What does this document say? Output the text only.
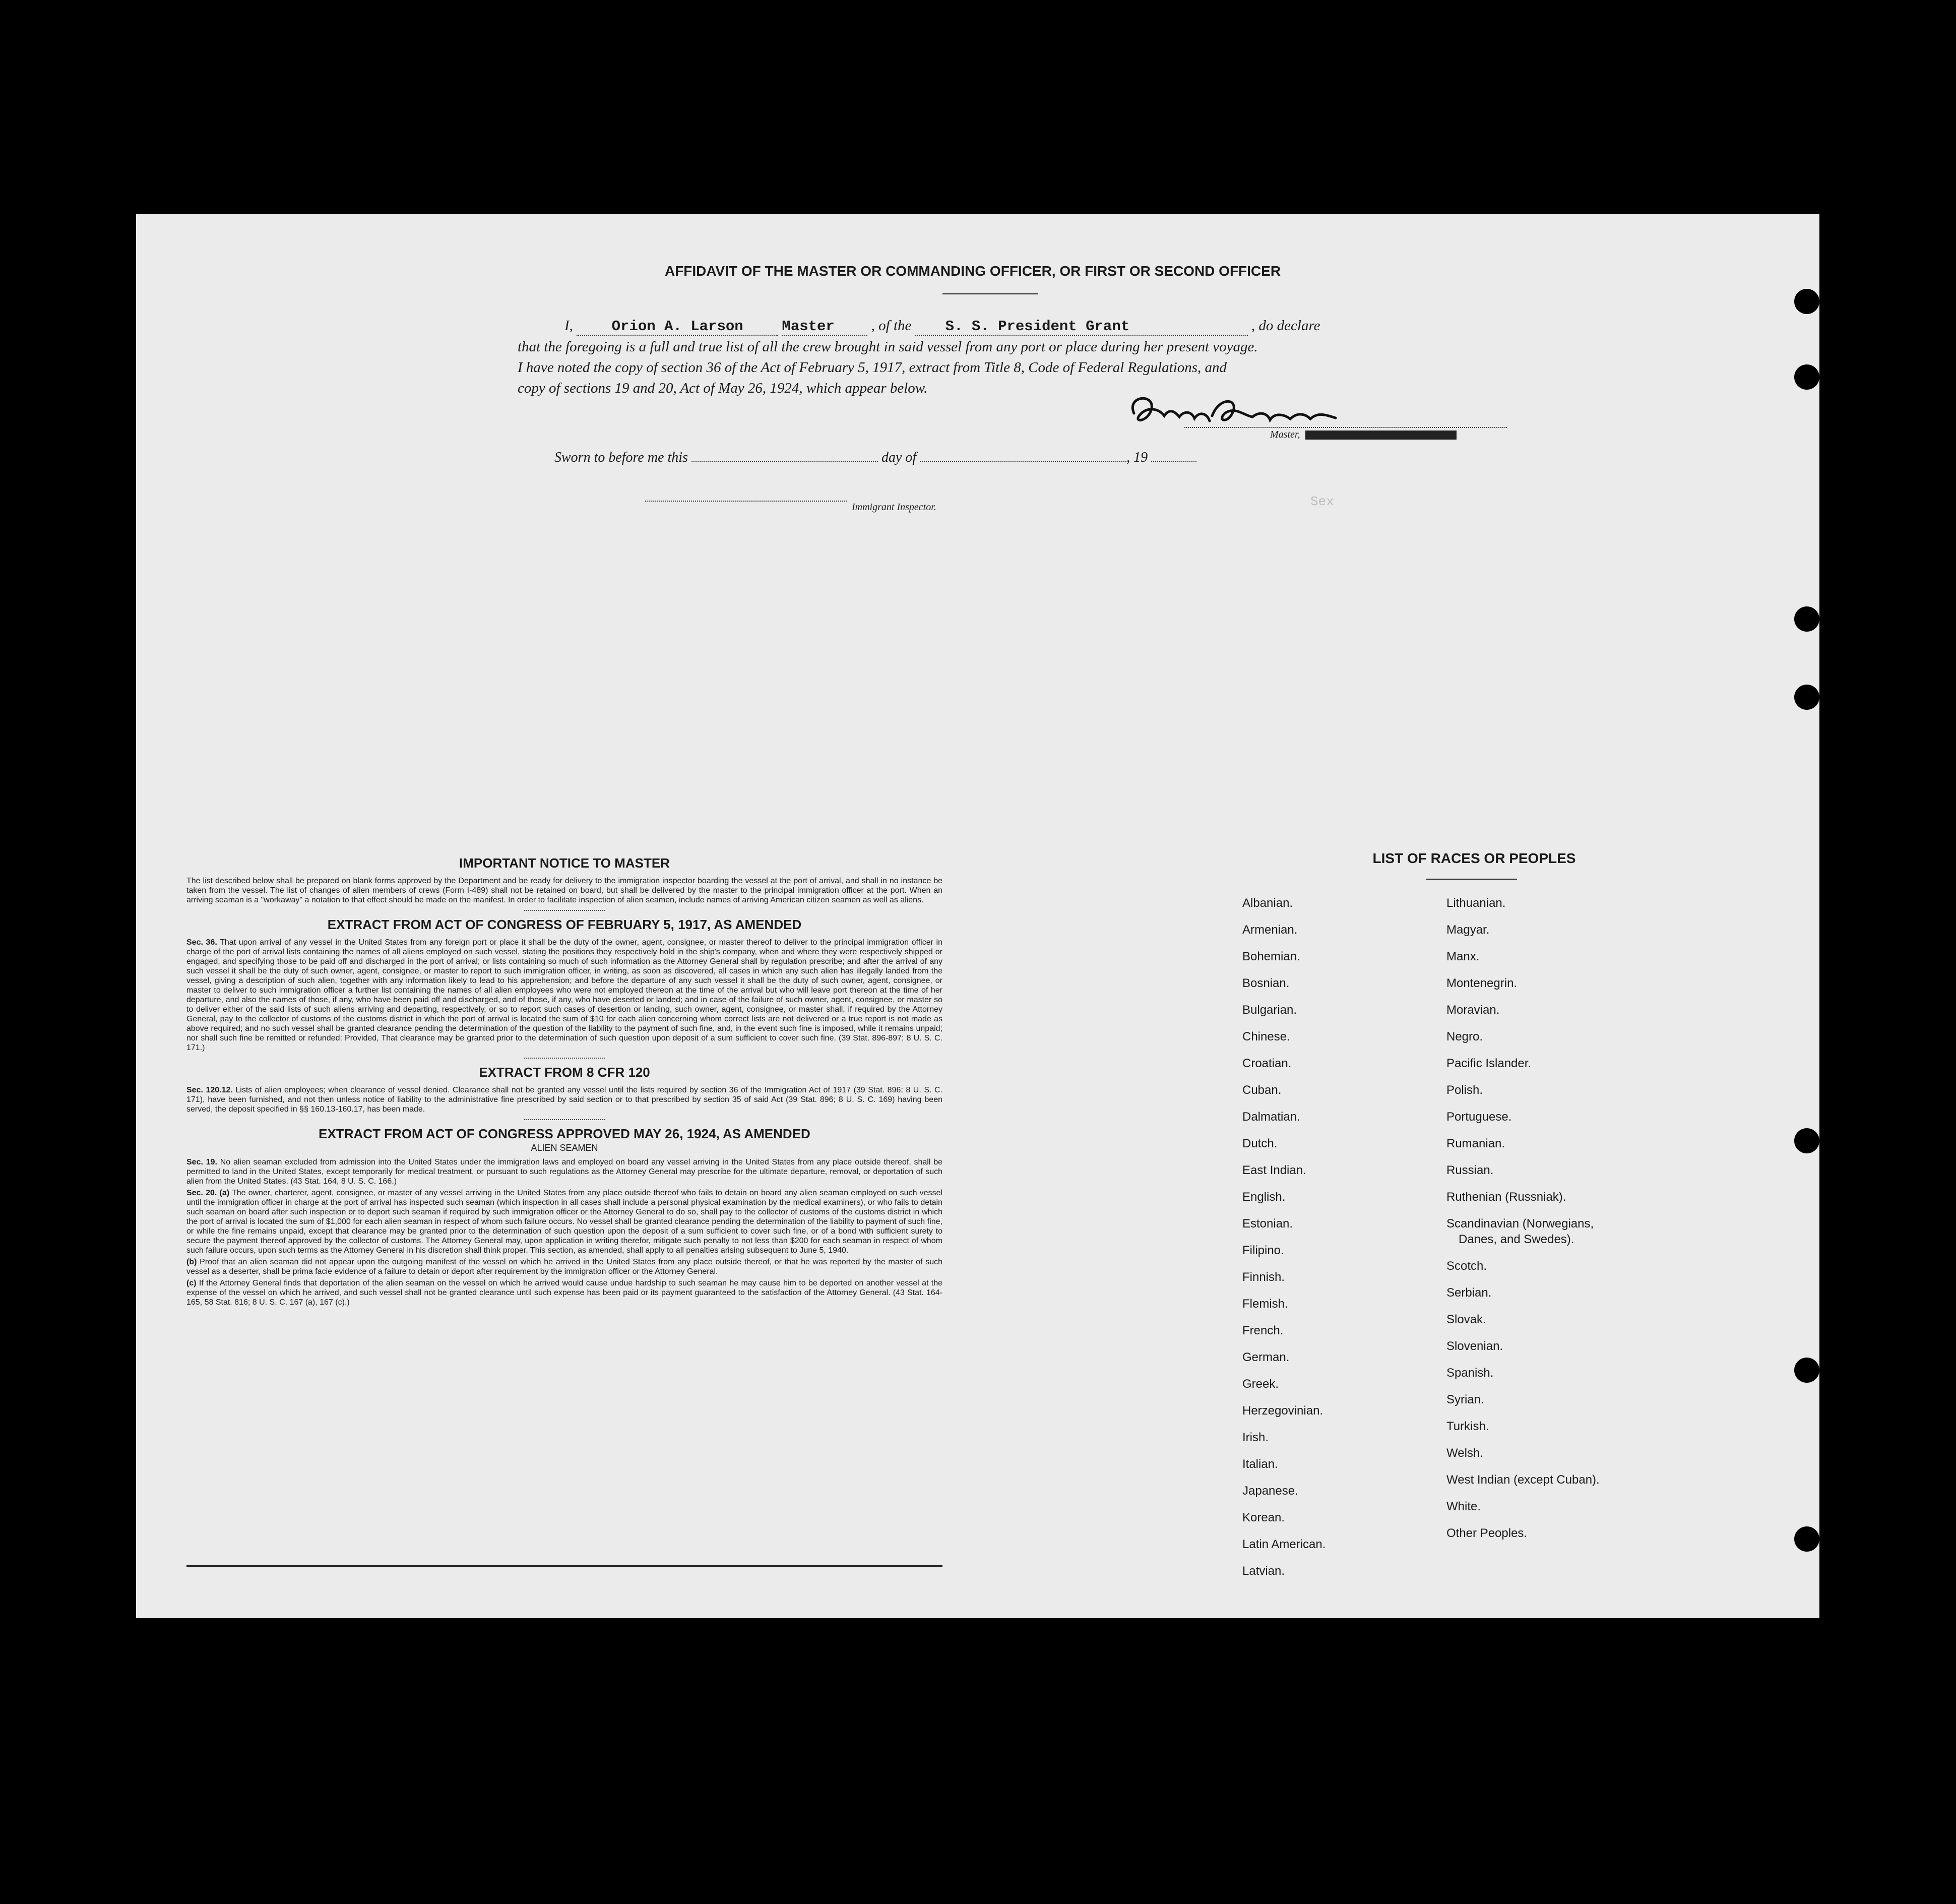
Sex
AFFIDAVIT OF THE MASTER OR COMMANDING OFFICER, OR FIRST OR SECOND OFFICER
I,	Orion A. Larson	Master	, of the S. S. President Grant	, do declare
that the foregoing is a full and true list of all the crew brought in said vessel from any port or place during her present voyage.
I have noted the copy of section 36 of the Act of February 5, 1917, extract from Title 8, Code of Federal Regulations, and
copy of sections 19 and 20, Act of May 26, 1924, which appear below.
Master,
Sworn to before me this	day of	, 19
Immigrant Inspector.
IMPORTANT NOTICE TO MASTER

The list described below shall be prepared on blank forms approved by the Department and be ready for delivery to the immigration inspector boarding the vessel at the port of arrival, and shall in no instance be taken from the vessel. The list of changes of alien members of crews (Form I-489) shall not be retained on board, but shall be delivered by the master to the principal immigration officer at the port. When an arriving seaman is a "workaway" a notation to that effect should be made on the manifest. In order to facilitate inspection of alien seamen, include names of arriving American citizen seamen as well as aliens.

EXTRACT FROM ACT OF CONGRESS OF FEBRUARY 5, 1917, AS AMENDED

Sec. 36. That upon arrival of any vessel in the United States from any foreign port or place it shall be the duty of the owner, agent, consignee, or master thereof to deliver to the principal immigration officer in charge of the port of arrival lists containing the names of all aliens employed on such vessel, stating the positions they respectively hold in the ship's company, when and where they were respectively shipped or engaged, and specifying those to be paid off and discharged in the port of arrival; or lists containing so much of such information as the Attorney General shall by regulation prescribe; and after the arrival of any such vessel it shall be the duty of such owner, agent, consignee, or master to report to such immigration officer, in writing, as soon as discovered, all cases in which any such alien has illegally landed from the vessel, giving a description of such alien, together with any information likely to lead to his apprehension; and before the departure of any such vessel it shall be the duty of such owner, agent, consignee, or master to deliver to such immigration officer a further list containing the names of all alien employees who were not employed thereon at the time of the arrival but who will leave port thereon at the time of her departure, and also the names of those, if any, who have been paid off and discharged, and of those, if any, who have deserted or landed; and in case of the failure of such owner, agent, consignee, or master so to deliver either of the said lists of such aliens arriving and departing, respectively, or so to report such cases of desertion or landing, such owner, agent, consignee, or master shall, if required by the Attorney General, pay to the collector of customs of the customs district in which the port of arrival is located the sum of $10 for each alien concerning whom correct lists are not delivered or a true report is not made as above required; and no such vessel shall be granted clearance pending the determination of the question of the liability to the payment of such fine, and, in the event such fine is imposed, while it remains unpaid; nor shall such fine be remitted or refunded: Provided, That clearance may be granted prior to the determination of such question upon deposit of a sum sufficient to cover such fine. (39 Stat. 896-897; 8 U. S. C. 171.)

EXTRACT FROM 8 CFR 120

Sec. 120.12. Lists of alien employees; when clearance of vessel denied. Clearance shall not be granted any vessel until the lists required by section 36 of the Immigration Act of 1917 (39 Stat. 896; 8 U. S. C. 171), have been furnished, and not then unless notice of liability to the administrative fine prescribed by said section or to that prescribed by section 35 of said Act (39 Stat. 896; 8 U. S. C. 169) having been served, the deposit specified in §§ 160.13-160.17, has been made.

EXTRACT FROM ACT OF CONGRESS APPROVED MAY 26, 1924, AS AMENDED
ALIEN SEAMEN

Sec. 19. No alien seaman excluded from admission into the United States under the immigration laws and employed on board any vessel arriving in the United States from any place outside thereof, shall be permitted to land in the United States, except temporarily for medical treatment, or pursuant to such regulations as the Attorney General may prescribe for the ultimate departure, removal, or deportation of such alien from the United States. (43 Stat. 164, 8 U. S. C. 166.)

Sec. 20. (a) The owner, charterer, agent, consignee, or master of any vessel arriving in the United States from any place outside thereof who fails to detain on board any alien seaman employed on such vessel until the immigration officer in charge at the port of arrival has inspected such seaman (which inspection in all cases shall include a personal physical examination by the medical examiners), or who fails to detain such seaman on board after such inspection or to deport such seaman if required by such immigration officer or the Attorney General to do so, shall pay to the collector of customs of the customs district in which the port of arrival is located the sum of $1,000 for each alien seaman in respect of whom such failure occurs. No vessel shall be granted clearance pending the determination of the liability to payment of such fine, or while the fine remains unpaid, except that clearance may be granted prior to the determination of such question upon the deposit of a sum sufficient to cover such fine, or of a bond with sufficient surety to secure the payment thereof approved by the collector of customs. The Attorney General may, upon application in writing therefor, mitigate such penalty to not less than $200 for each seaman in respect of whom such failure occurs, upon such terms as the Attorney General in his discretion shall think proper. This section, as amended, shall apply to all penalties arising subsequent to June 5, 1940.

(b) Proof that an alien seaman did not appear upon the outgoing manifest of the vessel on which he arrived in the United States from any place outside thereof, or that he was reported by the master of such vessel as a deserter, shall be prima facie evidence of a failure to detain or deport after requirement by the immigration officer or the Attorney General.

(c) If the Attorney General finds that deportation of the alien seaman on the vessel on which he arrived would cause undue hardship to such seaman he may cause him to be deported on another vessel at the expense of the vessel on which he arrived, and such vessel shall not be granted clearance until such expense has been paid or its payment guaranteed to the satisfaction of the Attorney General. (43 Stat. 164-165, 58 Stat. 816; 8 U. S. C. 167 (a), 167 (c).)

LIST OF RACES OR PEOPLES
Albanian.
Armenian.
Bohemian.
Bosnian.
Bulgarian.
Chinese.
Croatian.
Cuban.
Dalmatian.
Dutch.
East Indian.
English.
Estonian.
Filipino.
Finnish.
Flemish.
French.
German.
Greek.
Herzegovinian.
Irish.
Italian.
Japanese.
Korean.
Latin American.
Latvian.
Lithuanian.
Magyar.
Manx.
Montenegrin.
Moravian.
Negro.
Pacific Islander.
Polish.
Portuguese.
Rumanian.
Russian.
Ruthenian (Russniak).
Scandinavian (Norwegians,
Danes, and Swedes).
Scotch.
Serbian.
Slovak.
Slovenian.
Spanish.
Syrian.
Turkish.
Welsh.
West Indian (except Cuban).
White.
Other Peoples.
